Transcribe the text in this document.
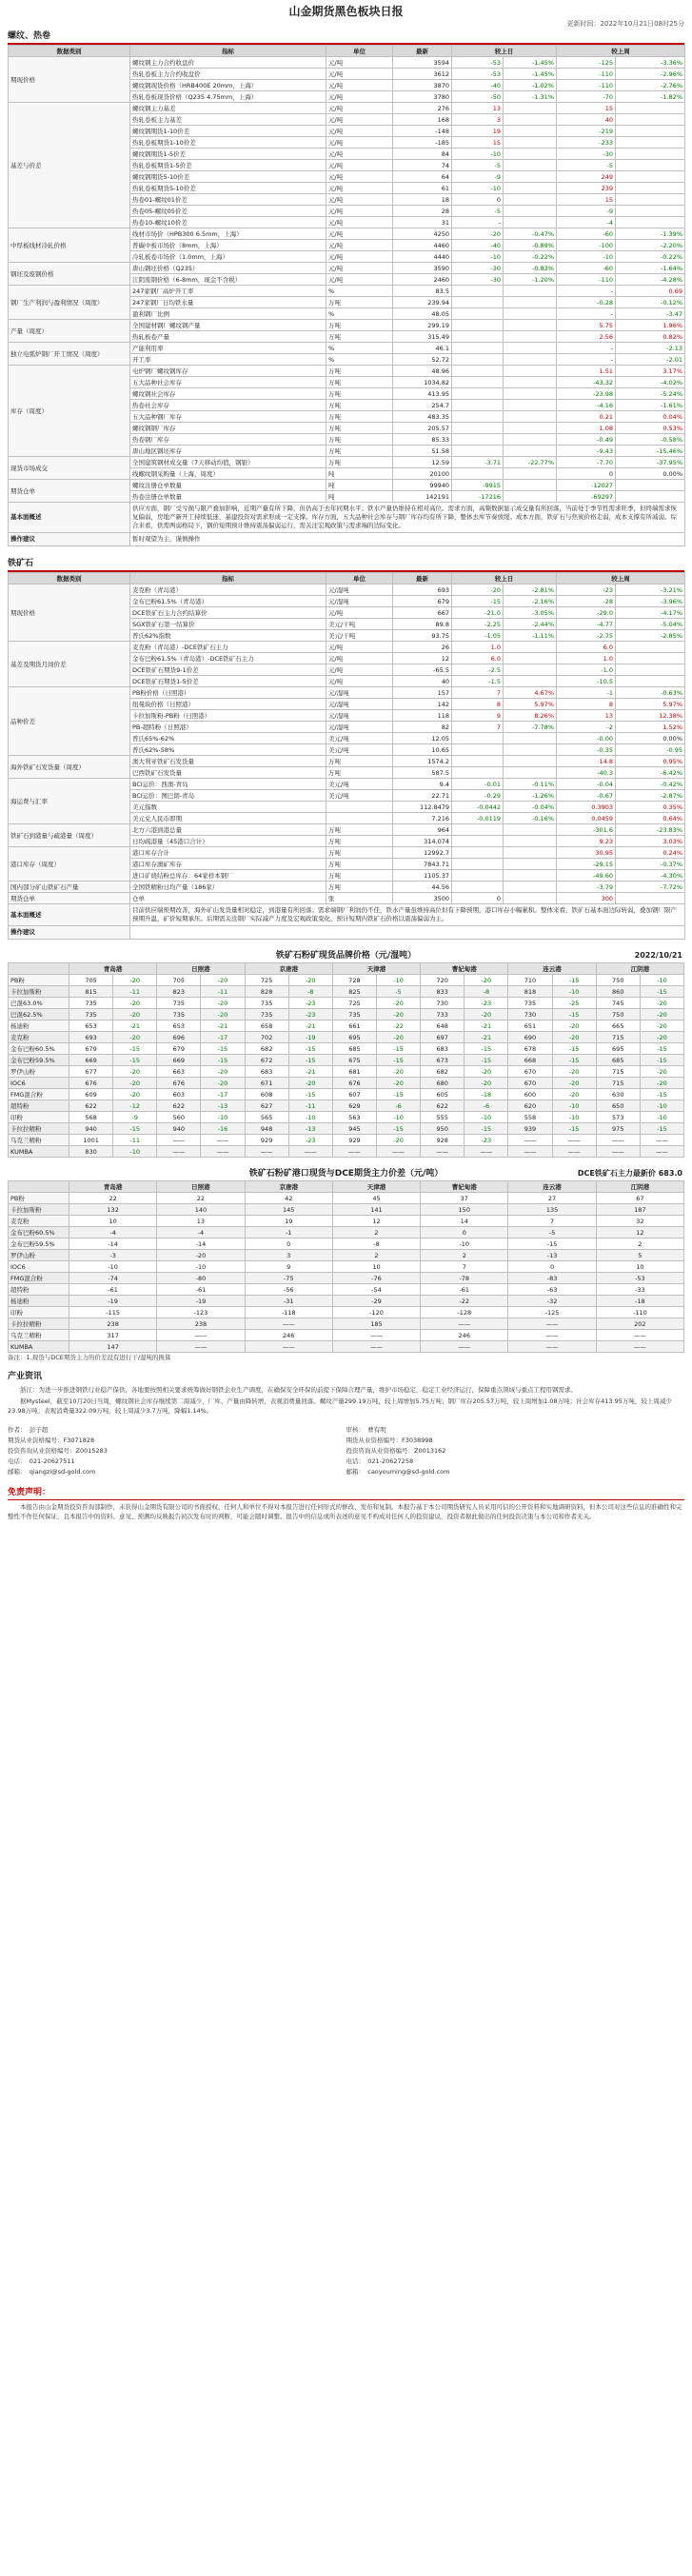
山金期货黑色板块日报
更新时间：2022年10月21日08时25分
螺纹、热卷
数据类别	指标	单位	最新	较上日		较上周	
期现价格	螺纹钢主力合约收盘价	元/吨	3594	-53	-1.45%	-125	-3.36%
	热轧卷板主力合约收盘价	元/吨	3612	-53	-1.45%	-110	-2.96%
	螺纹钢现货价格（HRB400E 20mm，上海）	元/吨	3870	-40	-1.02%	-110	-2.76%
	热轧卷板现货价格（Q235 4.75mm，上海）	元/吨	3780	-50	-1.31%	-70	-1.82%
基差与价差	螺纹钢主力基差	元/吨	276	13		15	
	热轧卷板主力基差	元/吨	168	3		40	
	螺纹钢期货1-10价差	元/吨	-148	19		-219	
	热轧卷板期货1-10价差	元/吨	-185	15		-233	
	螺纹钢期货1-5价差	元/吨	84	-10		-30	
	热轧卷板期货1-5价差	元/吨	74	-5		-5	
	螺纹钢期货5-10价差	元/吨	64	-9		249	
	热轧卷板期货5-10价差	元/吨	61	-10		239	
	热卷01-螺纹01价差	元/吨	18	0		15	
	热卷05-螺纹05价差	元/吨	28	-5		-9	
	热卷10-螺纹10价差	元/吨	31	-		-4	
中厚板线材冷轧价格	线材市场价（HPB300 6.5mm，上海）	元/吨	4250	-20	-0.47%	-60	-1.39%
	普碳中板市场价（8mm，上海）	元/吨	4460	-40	-0.89%	-100	-2.20%
	冷轧板卷市场价（1.0mm，上海）	元/吨	4440	-10	-0.22%	-10	-0.22%
钢坯及废钢价格	唐山钢坯价格（Q235）	元/吨	3590	-30	-0.83%	-60	-1.64%
	江阴废钢价格（6-8mm，现金不含税）	元/吨	2460	-30	-1.20%	-110	-4.28%
钢厂生产利润与盈利情况（周度）	247家钢厂高炉开工率	%	83.5			-	0.69
	247家钢厂日均铁水量	万吨	239.94			-0.28	-0.12%
	盈利钢厂比例	%	48.05			-	-3.47
产量（周度）	全国建材钢厂螺纹钢产量	万吨	299.19			5.75	1.96%
	热轧板卷产量	万吨	315.49			2.56	0.82%
独立电弧炉钢厂开工情况（周度）	产能利用率	%	46.1			-	-2.13
	开工率	%	52.72			-	-2.01
库存（周度）	电炉钢厂螺纹钢库存	万吨	48.96			1.51	3.17%
	五大品种社会库存	万吨	1034.82			-43.32	-4.02%
	螺纹钢社会库存	万吨	413.95			-23.98	-5.24%
	热卷社会库存	万吨	254.7			-4.16	-1.61%
	五大品种钢厂库存	万吨	483.35			0.21	0.04%
	螺纹钢钢厂库存	万吨	205.57			1.08	0.53%
	热卷钢厂库存	万吨	85.33			-0.49	-0.58%
	唐山地区钢坯库存	万吨	51.58			-9.43	-15.46%
现货市场成交	全国建筑钢材成交量（7天移动均值，钢银）	万吨	12.59	-3.71	-22.77%	-7.70	-37.95%
	线螺纹钢采购量（上海，周度）	吨	20100			0	0.00%
期货仓单	螺纹注册仓单数量	吨	99940	-9915		-12027	
	热卷注册仓单数量	吨	142191	-17216		-69297	
基本面概述	供应方面，钢厂受亏损与限产叠加影响，近期产量有所下降，但仍高于去年同期水平；铁水产量仍维持在相对高位。需求方面，高频数据显示成交量有所回落，当前处于季节性需求旺季，但终端需求恢复偏弱，房地产新开工持续低迷，基建投资对需求形成一定支撑。库存方面，五大品种社会库存与钢厂库存均有所下降，整体去库节奏放缓。成本方面，铁矿石与焦炭价格走弱，成本支撑有所减弱。综合来看，供需两弱格局下，钢价短期预计维持震荡偏弱运行，需关注宏观政策与需求端的边际变化。						
操作建议	暂时观望为主，谨慎操作						
铁矿石
数据类别	指标	单位	最新	较上日		较上周	
期现价格	麦克粉（青岛港）	元/湿吨	693	-20	-2.81%	-23	-3.21%
	金布巴粉61.5%（青岛港）	元/湿吨	679	-15	-2.16%	-28	-3.96%
	DCE铁矿石主力合约结算价	元/吨	667	-21.0	-3.05%	-29.0	-4.17%
	SGX铁矿石第一结算价	美元/干吨	89.8	-2.25	-2.44%	-4.77	-5.04%
	普氏62%指数	美元/干吨	93.75	-1.05	-1.11%	-2.75	-2.85%
基差及期货月间价差	麦克粉（青岛港）-DCE铁矿石主力	元/吨	26	1.0		6.0	
	金布巴粉61.5%（青岛港）-DCE铁矿石主力	元/吨	12	6.0		1.0	
	DCE铁矿石期货9-1价差	元/吨	-65.5	-2.5		-1.0	
	DCE铁矿石期货1-5价差	元/吨	40	-1.5		-10.5	
品种价差	PB粉价格（日照港）	元/湿吨	157	7	4.67%	-1	-0.63%
	纽曼块价格（日照港）	元/湿吨	142	8	5.97%	8	5.97%
	卡拉加斯粉-PB粉（日照港）	元/湿吨	118	9	8.26%	13	12.38%
	PB-超特粉（日照港）	元/湿吨	82	7	-7.78%	-2	1.52%
	普氏65%-62%	美元/吨	12.05			-0.00	0.00%
	普氏62%-58%	美元/吨	10.65			-0.35	-0.95
海外铁矿石发货量（周度）	澳大利亚铁矿石发货量	万吨	1574.2			14.8	0.95%
	巴西铁矿石发货量	万吨	587.5			-40.3	-6.42%
海运费与汇率	BCI运价：西澳-青岛	美元/吨	9.4	-0.01	-0.11%	-0.04	-0.42%
	BCI运价：图巴朗-青岛	美元/吨	22.71	-0.29	-1.26%	-0.67	-2.87%
	美元指数		112.8479	-0.0442	-0.04%	0.3903	0.35%
	美元兑人民币即期		7.216	-0.0119	-0.16%	0.0459	0.64%
铁矿石到港量与疏港量（周度）	北方六港到港总量	万吨	964			-301.6	-23.83%
	日均疏港量（45港口合计）	万吨	314.074			9.23	3.03%
港口库存（周度）	港口库存合计	万吨	12992.7			30.95	0.24%
	港口库存澳矿库存	万吨	7843.71			-29.15	-0.37%
	进口矿烧结粉总库存：64家样本钢厂	万吨	1105.37			-49.60	-4.30%
国内部分矿山铁矿石产量	全国铁精粉日均产量（186家）	万吨	44.56			-3.79	-7.72%
期货仓单	仓单	张	3500	0		300	
基本面概述	目前供应端预期改善，海外矿山发货量相对稳定，到港量有所回落；需求端钢厂利润仍不佳，铁水产量虽维持高位但有下降预期，港口库存小幅累积。整体来看，铁矿石基本面边际转弱，叠加钢厂限产预期升温，矿价短期承压。后期需关注钢厂实际减产力度及宏观政策变化，预计短期内铁矿石价格以震荡偏弱为主。						
操作建议							
铁矿石粉矿现货品牌价格（元/湿吨）	2022/10/21
	青岛港		日照港		京唐港		天津港		曹妃甸港		连云港		江阴港	
PB粉	705	-20	705	-20	725	-20	728	-10	720	-20	710	-15	750	-10
卡拉加斯粉	815	-11	823	-11	828	-8	825	-5	833	-8	818	-10	860	-15
巴混63.0%	735	-20	735	-20	735	-23	725	-20	730	-23	735	-25	745	-20
巴混62.5%	735	-20	735	-20	735	-23	735	-20	733	-20	730	-15	750	-20
杨迪粉	653	-21	653	-21	658	-21	661	-22	648	-21	651	-20	665	-20
麦克粉	693	-20	696	-17	702	-19	695	-20	697	-21	690	-20	715	-20
金布巴粉60.5%	679	-15	679	-15	682	-15	685	-15	683	-15	678	-15	695	-15
金布巴粉59.5%	669	-15	669	-15	672	-15	675	-15	673	-15	668	-15	685	-15
罗伊山粉	677	-20	663	-20	683	-21	681	-20	682	-20	670	-20	715	-20
IOC6	676	-20	676	-20	671	-20	676	-20	680	-20	670	-20	715	-20
FMG混合粉	609	-20	603	-17	608	-15	607	-15	605	-18	600	-20	630	-15
超特粉	622	-12	622	-13	627	-11	629	-6	622	-6	620	-10	650	-10
印粉	568	-9	560	-10	565	-10	563	-10	555	-10	558	-10	573	-10
卡拉拉精粉	940	-15	940	-16	948	-13	945	-15	950	-15	939	-15	975	-15
乌克兰精粉	1001	-11	——	——	929	-23	929	-20	928	-23	——	——	——	——
KUMBA	830	-10	——	——	——	——	——	——	——	——	——	——	——	——
铁矿石粉矿港口现货与DCE期货主力价差（元/吨）	DCE铁矿石主力最新价 683.0
	青岛港	日照港	京唐港	天津港	曹妃甸港	连云港	江阴港
PB粉	22	22	42	45	37	27	67
卡拉加斯粉	132	140	145	141	150	135	187
麦克粉	10	13	19	12	14	7	32
金布巴粉60.5%	-4	-4	-1	2	0	-5	12
金布巴粉59.5%	-14	-14	0	-8	-10	-15	2
罗伊山粉	-3	-20	3	2	2	-13	5
IOC6	-10	-10	9	10	7	0	10
FMG混合粉	-74	-80	-75	-76	-78	-83	-53
超特粉	-61	-61	-56	-54	-61	-63	-33
杨迪粉	-19	-19	-31	-29	-22	-32	-18
印粉	-115	-123	-118	-120	-128	-125	-110
卡拉拉精粉	238	238	——	185	——	——	202
乌克兰精粉	317	——	246	——	246	——	——
KUMBA	147	——	——	——	——	——	——
备注：1.现货与DCE期货主力的价差没有进行干/湿吨的换算
产业资讯
浙江：为进一步推进钢铁行业稳产保供，各地要按照相关要求统筹做好钢铁企业生产调度，在确保安全环保的前提下保障合理产量，维护市场稳定，稳定工业经济运行，保障重点领域与重点工程用钢需求。
据Mysteel，截至10月20日当周，螺纹钢社会库存继续第二周减少，厂库、产量由降转增，表观消费量回落。螺纹产量299.19万吨，较上周增加5.75万吨；钢厂库存205.57万吨，较上周增加1.08万吨；社会库存413.95万吨，较上周减少23.98万吨；表观消费量322.09万吨，较上周减少3.7万吨，降幅1.14%。
作者：　彭子超
期货从业资格编号：F3071828
投资咨询从业资格编号：Z0015283
电话：　021-20627511
邮箱：　qiangzi@sd-gold.com
审核：　曹有明
期货从业资格编号：F3038998
投资咨询从业资格编号：Z0013162
电话：　021-20627258
邮箱：　caoyouming@sd-gold.com
免责声明：
本报告由山金期货投资咨询部制作，未获得山金期货有限公司的书面授权，任何人和单位不得对本报告进行任何形式的修改、发布和复制。本报告基于本公司期货研究人员采用可信的公开资料和实地调研资料，但本公司对这些信息的准确性和完整性不作任何保证，且本报告中的资料、意见、预测均反映报告初次发布时的判断，可能会随时调整。报告中的信息或所表述的意见不构成对任何人的投资建议，投资者据此做出的任何投资决策与本公司和作者无关。
